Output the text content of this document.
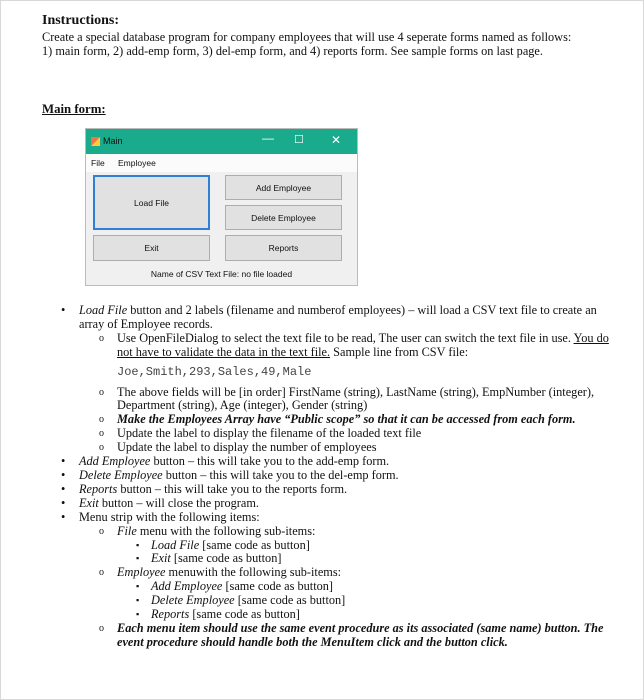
Instructions:
Create a special database program for company employees that will use 4 seperate forms named as follows:
1) main form, 2) add-emp form, 3) del-emp form, and 4) reports form. See sample forms on last page.
Main form:
Main	— ☐ ✕
File Employee
Load File
Add Employee
Delete Employee
Exit	Reports
Name of CSV Text File: no file loaded
• Load File button and 2 labels (filename and numberof employees) – will load a CSV text file to create an array of Employee records.
o Use OpenFileDialog to select the text file to be read, The user can switch the text file in use. You do not have to validate the data in the text file. Sample line from CSV file:
Joe,Smith,293,Sales,49,Male
o The above fields will be [in order] FirstName (string), LastName (string), EmpNumber (integer), Department (string), Age (integer), Gender (string)
o Make the Employees Array have “Public scope” so that it can be accessed from each form.
o Update the label to display the filename of the loaded text file
o Update the label to display the number of employees
• Add Employee button – this will take you to the add-emp form.
• Delete Employee button – this will take you to the del-emp form.
• Reports button – this will take you to the reports form.
• Exit button – will close the program.
• Menu strip with the following items:
o File menu with the following sub-items:
▪ Load File [same code as button]
▪ Exit [same code as button]
o Employee menuwith the following sub-items:
▪ Add Employee [same code as button]
▪ Delete Employee [same code as button]
▪ Reports [same code as button]
o Each menu item should use the same event procedure as its associated (same name) button. The event procedure should handle both the MenuItem click and the button click.
